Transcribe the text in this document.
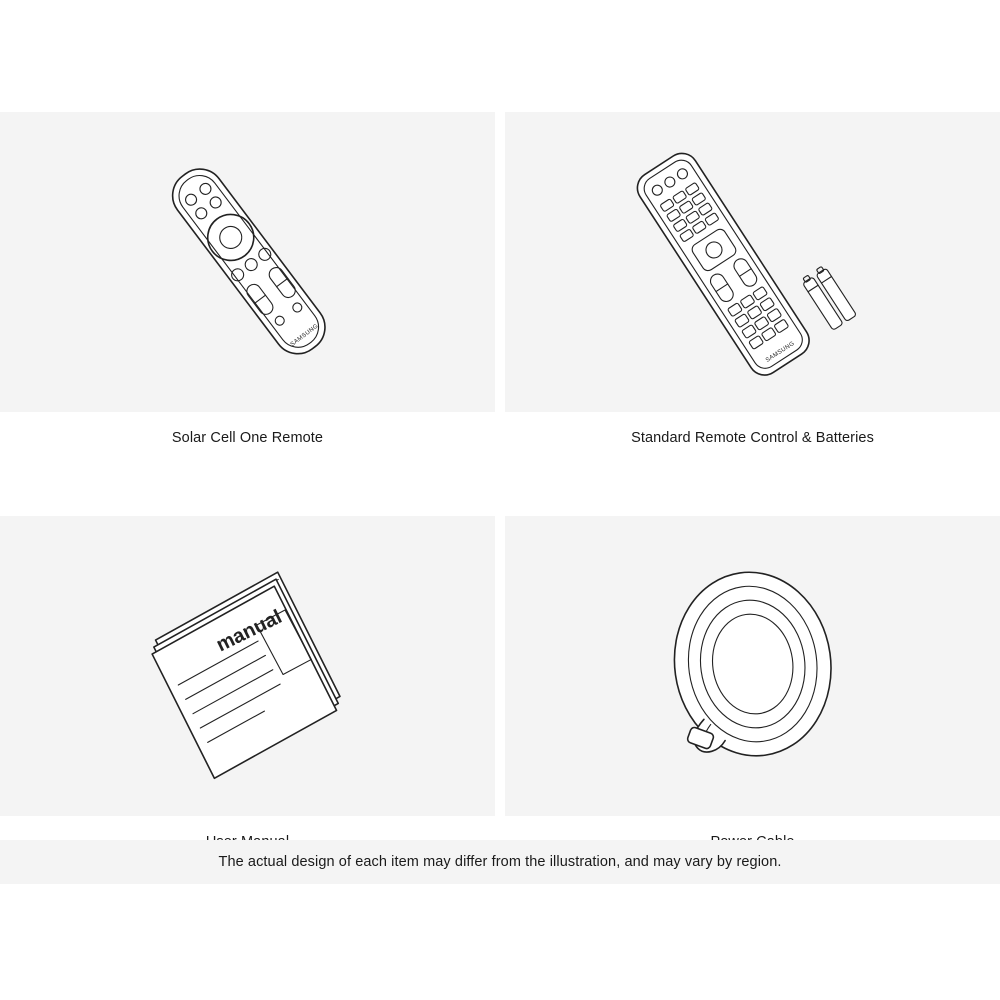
SAMSUNG
Solar Cell One Remote
SAMSUNG
Standard Remote Control & Batteries
manual
The actual design of each item may differ from the illustration, and may vary by region.
